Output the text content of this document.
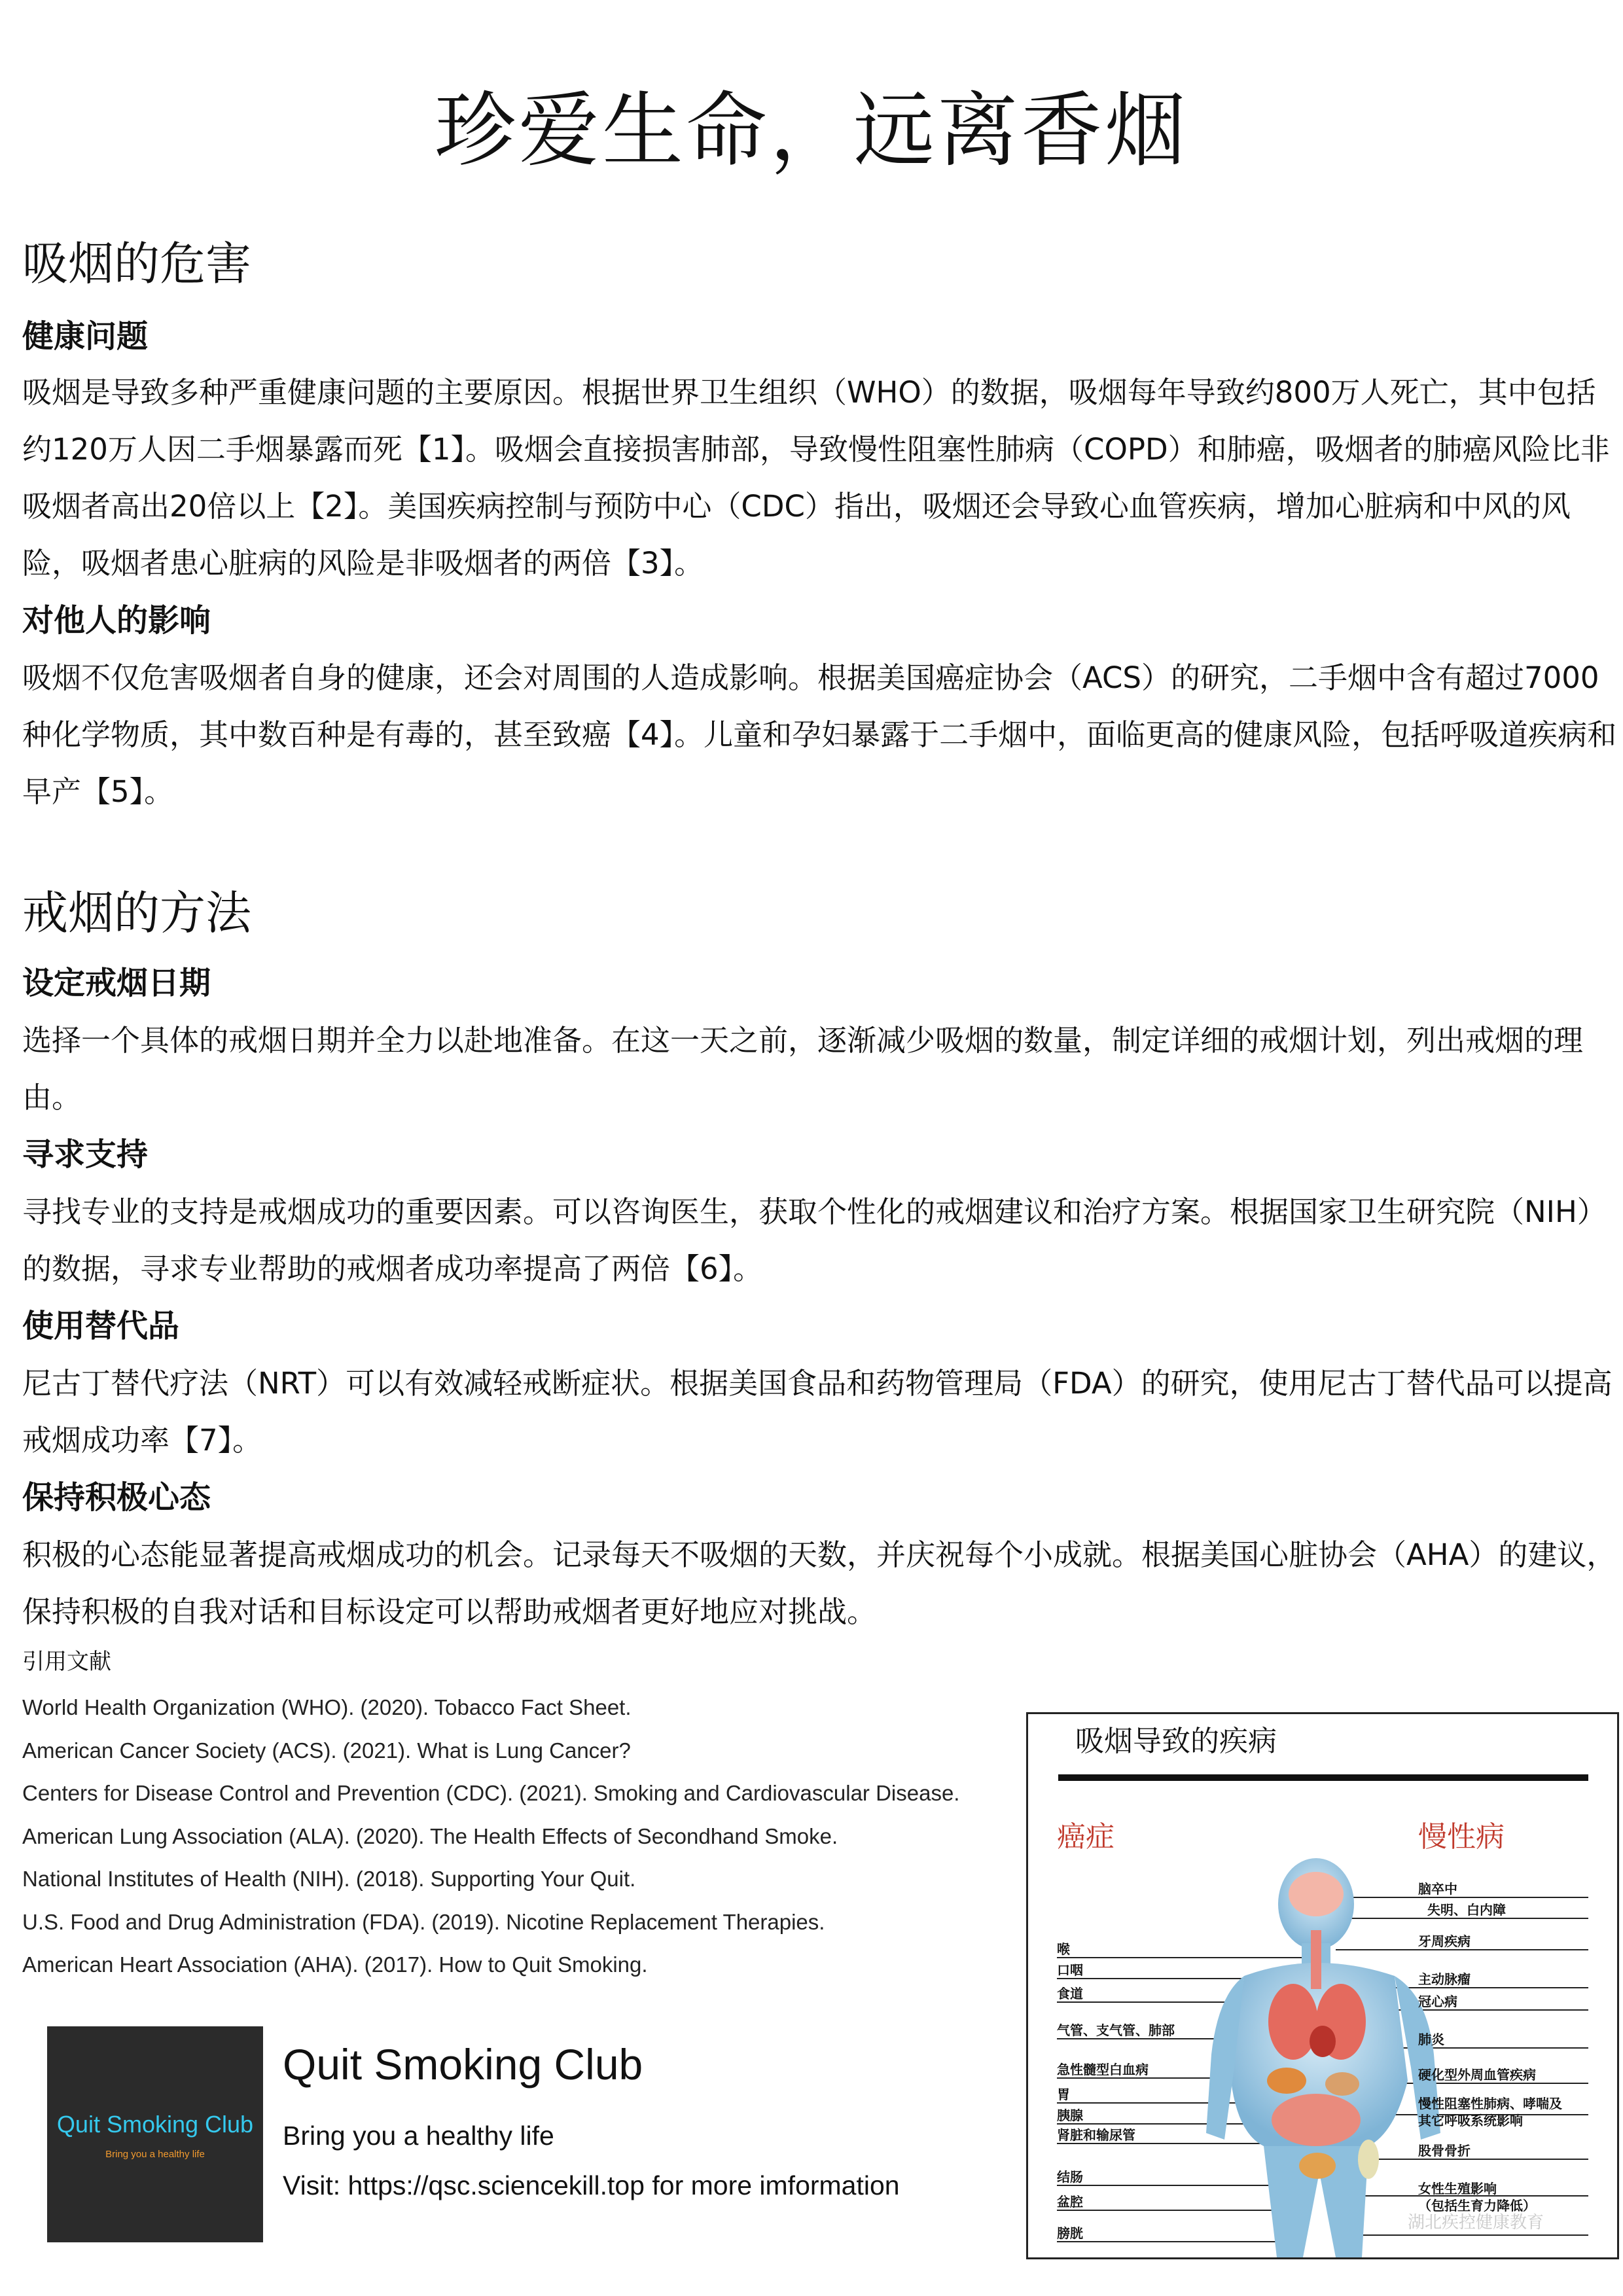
珍爱生命，远离香烟
吸烟的危害
健康问题

吸烟是导致多种严重健康问题的主要原因。根据世界卫生组织（WHO）的数据，吸烟每年导致约800万人死亡，其中包括约120万人因二手烟暴露而死【1】。吸烟会直接损害肺部，导致慢性阻塞性肺病（COPD）和肺癌，吸烟者的肺癌风险比非吸烟者高出20倍以上【2】。美国疾病控制与预防中心（CDC）指出，吸烟还会导致心血管疾病，增加心脏病和中风的风险，吸烟者患心脏病的风险是非吸烟者的两倍【3】。

对他人的影响

吸烟不仅危害吸烟者自身的健康，还会对周围的人造成影响。根据美国癌症协会（ACS）的研究，二手烟中含有超过7000种化学物质，其中数百种是有毒的，甚至致癌【4】。儿童和孕妇暴露于二手烟中，面临更高的健康风险，包括呼吸道疾病和早产【5】。

戒烟的方法
设定戒烟日期

选择一个具体的戒烟日期并全力以赴地准备。在这一天之前，逐渐减少吸烟的数量，制定详细的戒烟计划，列出戒烟的理由。

寻求支持

寻找专业的支持是戒烟成功的重要因素。可以咨询医生，获取个性化的戒烟建议和治疗方案。根据国家卫生研究院（NIH）的数据，寻求专业帮助的戒烟者成功率提高了两倍【6】。

使用替代品

尼古丁替代疗法（NRT）可以有效减轻戒断症状。根据美国食品和药物管理局（FDA）的研究，使用尼古丁替代品可以提高戒烟成功率【7】。

保持积极心态

积极的心态能显著提高戒烟成功的机会。记录每天不吸烟的天数，并庆祝每个小成就。根据美国心脏协会（AHA）的建议，保持积极的自我对话和目标设定可以帮助戒烟者更好地应对挑战。

引用文献
World Health Organization (WHO). (2020). Tobacco Fact Sheet.
American Cancer Society (ACS). (2021). What is Lung Cancer?
Centers for Disease Control and Prevention (CDC). (2021). Smoking and Cardiovascular Disease.
American Lung Association (ALA). (2020). The Health Effects of Secondhand Smoke.
National Institutes of Health (NIH). (2018). Supporting Your Quit.
U.S. Food and Drug Administration (FDA). (2019). Nicotine Replacement Therapies.
American Heart Association (AHA). (2017). How to Quit Smoking.
Quit Smoking Club
Bring you a healthy life
Quit Smoking Club
Bring you a healthy life
Visit: https://qsc.sciencekill.top for more imformation
吸烟导致的疾病
癌症	慢性病
喉
口咽
食道
气管、支气管、肺部
急性髓型白血病
胃
胰腺
肾脏和输尿管
结肠
盆腔
膀胱
脑卒中
失明、白内障
牙周疾病
主动脉瘤
冠心病
肺炎
硬化型外周血管疾病
慢性阻塞性肺病、哮喘及
其它呼吸系统影响
股骨骨折
女性生殖影响
（包括生育力降低）
湖北疾控健康教育
